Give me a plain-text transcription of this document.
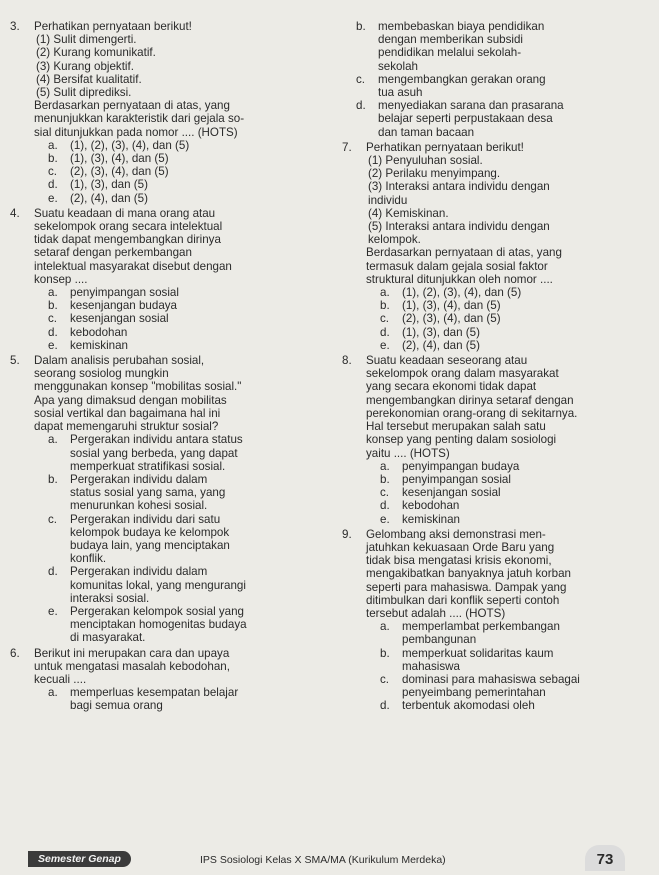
3.	Perhatikan pernyataan berikut!
(1) Sulit dimengerti.
(2) Kurang komunikatif.
(3) Kurang objektif.
(4) Bersifat kualitatif.
(5) Sulit diprediksi.
Berdasarkan pernyataan di atas, yang
menunjukkan karakteristik dari gejala so-
sial ditunjukkan pada nomor .... (HOTS)
a.	(1), (2), (3), (4), dan (5)
b.	(1), (3), (4), dan (5)
c.	(2), (3), (4), dan (5)
d.	(1), (3), dan (5)
e.	(2), (4), dan (5)
4.	Suatu keadaan di mana orang atau
sekelompok orang secara intelektual
tidak dapat mengembangkan dirinya
setaraf dengan perkembangan
intelektual masyarakat disebut dengan
konsep ....
a.	penyimpangan sosial
b.	kesenjangan budaya
c.	kesenjangan sosial
d.	kebodohan
e.	kemiskinan
5.	Dalam analisis perubahan sosial,
seorang sosiolog mungkin
menggunakan konsep "mobilitas sosial."
Apa yang dimaksud dengan mobilitas
sosial vertikal dan bagaimana hal ini
dapat memengaruhi struktur sosial?
a.	Pergerakan individu antara status
sosial yang berbeda, yang dapat
memperkuat stratifikasi sosial.
b.	Pergerakan individu dalam
status sosial yang sama, yang
menurunkan kohesi sosial.
c.	Pergerakan individu dari satu
kelompok budaya ke kelompok
budaya lain, yang menciptakan
konflik.
d.	Pergerakan individu dalam
komunitas lokal, yang mengurangi
interaksi sosial.
e.	Pergerakan kelompok sosial yang
menciptakan homogenitas budaya
di masyarakat.
6.	Berikut ini merupakan cara dan upaya
untuk mengatasi masalah kebodohan,
kecuali ....
a.	memperluas kesempatan belajar
bagi semua orang
b.	membebaskan biaya pendidikan
dengan memberikan subsidi
pendidikan melalui sekolah-
sekolah
c.	mengembangkan gerakan orang
tua asuh
d.	menyediakan sarana dan prasarana
belajar seperti perpustakaan desa
dan taman bacaan
7.	Perhatikan pernyataan berikut!
(1) Penyuluhan sosial.
(2) Perilaku menyimpang.
(3) Interaksi antara individu dengan
individu
(4) Kemiskinan.
(5) Interaksi antara individu dengan
kelompok.
Berdasarkan pernyataan di atas, yang
termasuk dalam gejala sosial faktor
struktural ditunjukkan oleh nomor ....
a.	(1), (2), (3), (4), dan (5)
b.	(1), (3), (4), dan (5)
c.	(2), (3), (4), dan (5)
d.	(1), (3), dan (5)
e.	(2), (4), dan (5)
8.	Suatu keadaan seseorang atau
sekelompok orang dalam masyarakat
yang secara ekonomi tidak dapat
mengembangkan dirinya setaraf dengan
perekonomian orang-orang di sekitarnya.
Hal tersebut merupakan salah satu
konsep yang penting dalam sosiologi
yaitu .... (HOTS)
a.	penyimpangan budaya
b.	penyimpangan sosial
c.	kesenjangan sosial
d.	kebodohan
e.	kemiskinan
9.	Gelombang aksi demonstrasi men-
jatuhkan kekuasaan Orde Baru yang
tidak bisa mengatasi krisis ekonomi,
mengakibatkan banyaknya jatuh korban
seperti para mahasiswa. Dampak yang
ditimbulkan dari konflik seperti contoh
tersebut adalah .... (HOTS)
a.	memperlambat perkembangan
pembangunan
b.	memperkuat solidaritas kaum
mahasiswa
c.	dominasi para mahasiswa sebagai
penyeimbang pemerintahan
d.	terbentuk akomodasi oleh
Semester Genap	IPS Sosiologi Kelas X SMA/MA (Kurikulum Merdeka)	73
